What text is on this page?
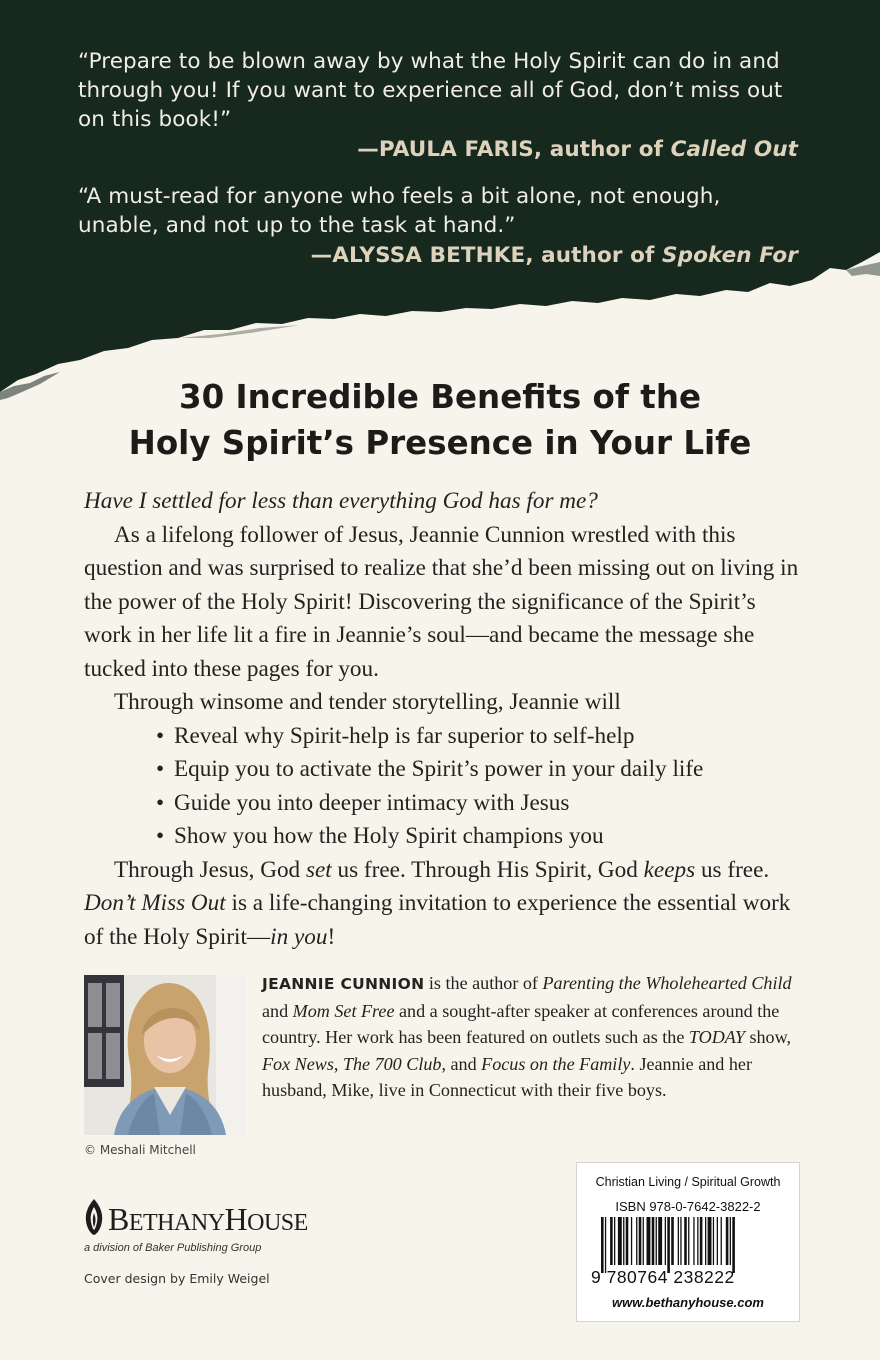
“Prepare to be blown away by what the Holy Spirit can do in and through you! If you want to experience all of God, don’t miss out on this book!”
—PAULA FARIS, author of Called Out
“A must-read for anyone who feels a bit alone, not enough, unable, and not up to the task at hand.”
—ALYSSA BETHKE, author of Spoken For
30 Incredible Benefits of the
Holy Spirit’s Presence in Your Life

Have I settled for less than everything God has for me?

As a lifelong follower of Jesus, Jeannie Cunnion wrestled with this question and was surprised to realize that she’d been missing out on living in the power of the Holy Spirit! Discovering the significance of the Spirit’s work in her life lit a fire in Jeannie’s soul—and became the message she tucked into these pages for you.

Through winsome and tender storytelling, Jeannie will

• Reveal why Spirit-help is far superior to self-help
• Equip you to activate the Spirit’s power in your daily life
• Guide you into deeper intimacy with Jesus
• Show you how the Holy Spirit champions you

Through Jesus, God set us free. Through His Spirit, God keeps us free.

Don’t Miss Out is a life-changing invitation to experience the essential work of the Holy Spirit—in you!

© Meshali Mitchell
JEANNIE CUNNION is the author of Parenting the Wholehearted Child and Mom Set Free and a sought-after speaker at conferences around the country. Her work has been featured on outlets such as the TODAY show, Fox News, The 700 Club, and Focus on the Family. Jeannie and her husband, Mike, live in Connecticut with their five boys.
BETHANYHOUSE
a division of Baker Publishing Group
Cover design by Emily Weigel
Christian Living / Spiritual Growth
ISBN 978-0-7642-3822-2
9 780764 238222
www.bethanyhouse.com
